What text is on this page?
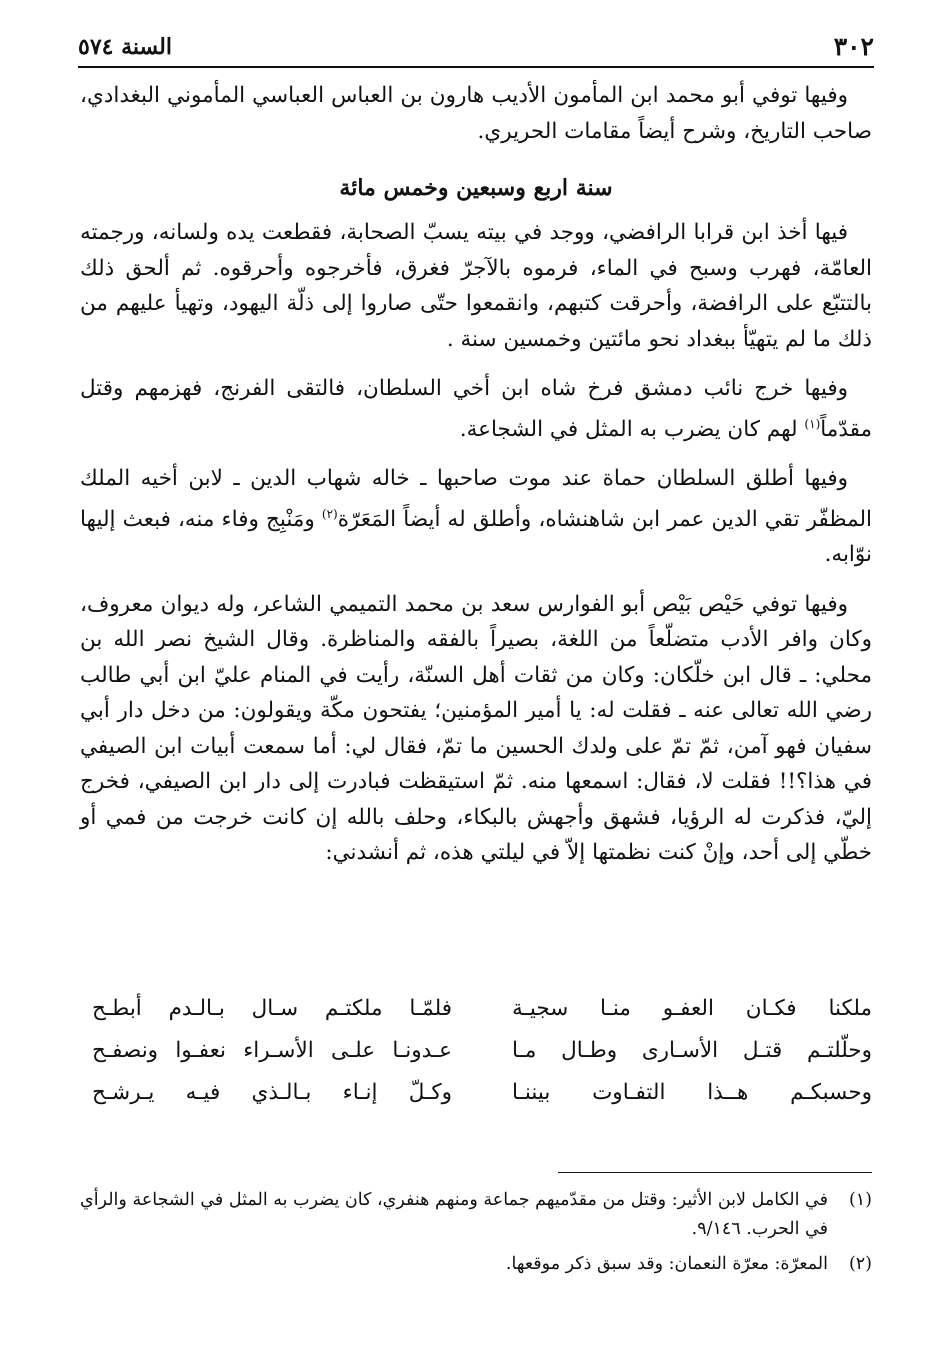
٣٠٢
السنة ٥٧٤

وفيها توفي أبو محمد ابن المأمون الأديب هارون بن العباس العباسي المأموني البغدادي، صاحب التاريخ، وشرح أيضاً مقامات الحريري.

سنة اربع وسبعين وخمس مائة

فيها أخذ ابن قرابا الرافضي، ووجد في بيته يسبّ الصحابة، فقطعت يده ولسانه، ورجمته العامّة، فهرب وسبح في الماء، فرموه بالآجرّ فغرق، فأخرجوه وأحرقوه. ثم ألحق ذلك بالتتبّع على الرافضة، وأحرقت كتبهم، وانقمعوا حتّى صاروا إلى ذلّة اليهود، وتهيأ عليهم من ذلك ما لم يتهيّأ ببغداد نحو مائتين وخمسين سنة .

وفيها خرج نائب دمشق فرخ شاه ابن أخي السلطان، فالتقى الفرنج، فهزمهم وقتل مقدّماً$^{(١)}$ لهم كان يضرب به المثل في الشجاعة.

وفيها أطلق السلطان حماة عند موت صاحبها ـ خاله شهاب الدين ـ لابن أخيه الملك المظفّر تقي الدين عمر ابن شاهنشاه، وأطلق له أيضاً المَعَرّة$^{(٢)}$ ومَنْبِج وفاء منه، فبعث إليها نوّابه.

وفيها توفي حَيْص بَيْص أبو الفوارس سعد بن محمد التميمي الشاعر، وله ديوان معروف، وكان وافر الأدب متضلّعاً من اللغة، بصيراً بالفقه والمناظرة. وقال الشيخ نصر الله بن محلي: ـ قال ابن خلّكان: وكان من ثقات أهل السنّة، رأيت في المنام عليّ ابن أبي طالب رضي الله تعالى عنه ـ فقلت له: يا أمير المؤمنين؛ يفتحون مكّة ويقولون: من دخل دار أبي سفيان فهو آمن، ثمّ تمّ على ولدك الحسين ما تمّ، فقال لي: أما سمعت أبيات ابن الصيفي في هذا؟!! فقلت لا، فقال: اسمعها منه. ثمّ استيقظت فبادرت إلى دار ابن الصيفي، فخرج إليّ، فذكرت له الرؤيا، فشهق وأجهش بالبكاء، وحلف بالله إن كانت خرجت من فمي أو خطّي إلى أحد، وإنْ كنت نظمتها إلاّ في ليلتي هذه، ثم أنشدني:

ملكنا فكـان العفـو منـا سجيـة
فلمّـا ملكتـم سـال بـالـدم أبطـح
وحلّلتـم قتـل الأسـارى وطـال مـا
عـدونـا علـى الأسـراء نعفـوا ونصفـح
وحسبكـم هــذا التفـاوت بيننـا
وكـلّ إنـاء بـالـذي فيـه يـرشـح
(١)
في الكامل لابن الأثير: وقتل من مقدّميهم جماعة ومنهم هنفري، كان يضرب به المثل في الشجاعة والرأي في الحرب. ٩/١٤٦.
(٢)
المعرّة: معرّة النعمان: وقد سبق ذكر موقعها.
